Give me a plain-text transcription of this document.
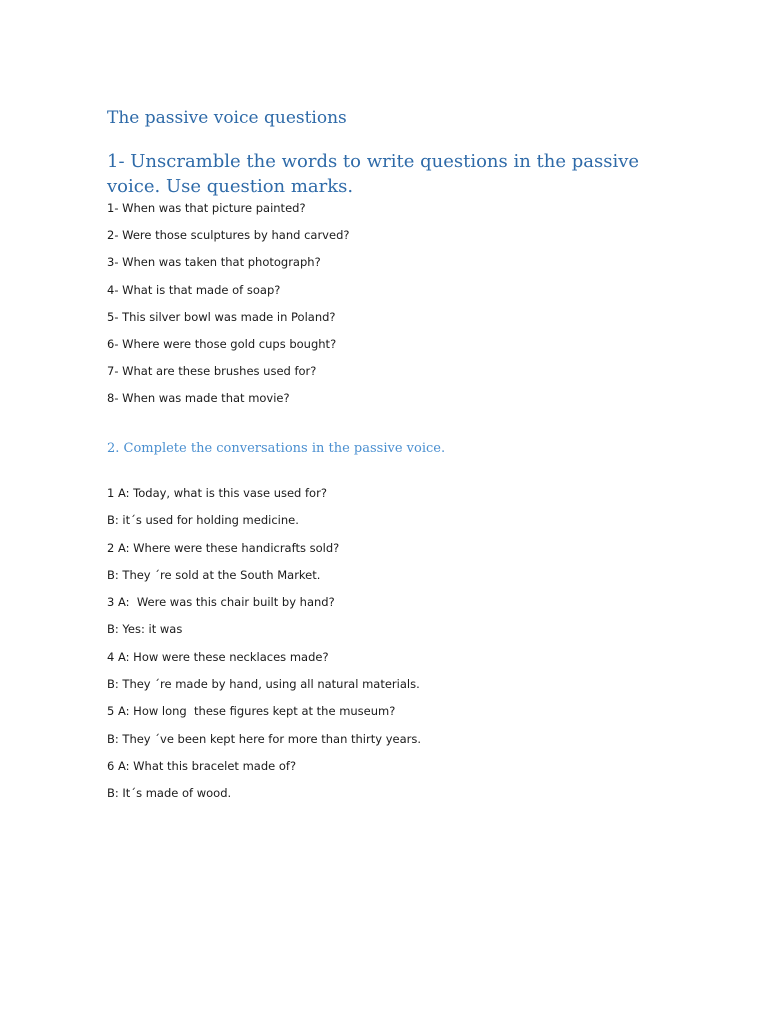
The passive voice questions
1- Unscramble the words to write questions in the passive voice. Use question marks.
1- When was that picture painted?
2- Were those sculptures by hand carved?
3- When was taken that photograph?
4- What is that made of soap?
5- This silver bowl was made in Poland?
6- Where were those gold cups bought?
7- What are these brushes used for?
8- When was made that movie?
2. Complete the conversations in the passive voice.
1 A: Today, what is this vase used for?
B: it´s used for holding medicine.
2 A: Where were these handicrafts sold?
B: They ´re sold at the South Market.
3 A:  Were was this chair built by hand?
B: Yes: it was
4 A: How were these necklaces made?
B: They ´re made by hand, using all natural materials.
5 A: How long  these figures kept at the museum?
B: They ´ve been kept here for more than thirty years.
6 A: What this bracelet made of?
B: It´s made of wood.
